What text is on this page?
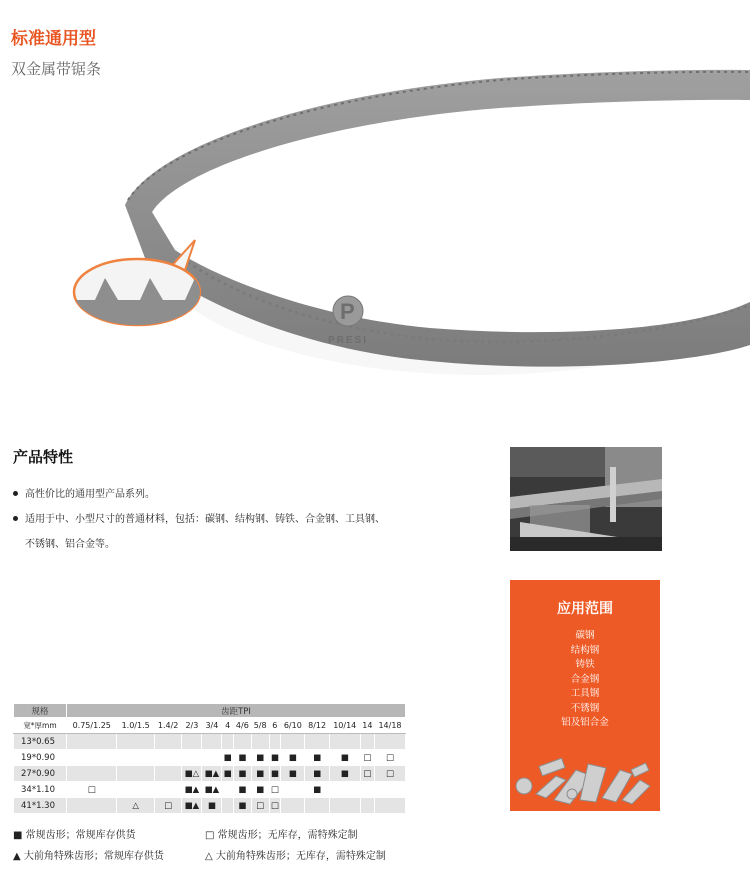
标准通用型
双金属带锯条
P
PRESI
产品特性
高性价比的通用型产品系列。
适用于中、小型尺寸的普通材料，包括：碳钢、结构钢、铸铁、合金钢、工具钢、
不锈钢、铝合金等。
应用范围
碳钢
结构钢
铸铁
合金钢
工具钢
不锈钢
铝及铝合金
规格	齿距TPI													
宽*厚mm	0.75/1.25	1.0/1.5	1.4/2	2/3	3/4	4	4/6	5/8	6	6/10	8/12	10/14	14	14/18
13*0.65														
19*0.90						■	■	■	■	■	■	■	□	□
27*0.90				■△	■▲	■	■	■	■	■	■	■	□	□
34*1.10	□			■▲	■▲		■	■	□		■			
41*1.30		△	□	■▲	■		■	□	□					
■ 常规齿形；常规库存供货	□ 常规齿形；无库存，需特殊定制
▲ 大前角特殊齿形；常规库存供货	△ 大前角特殊齿形；无库存，需特殊定制
